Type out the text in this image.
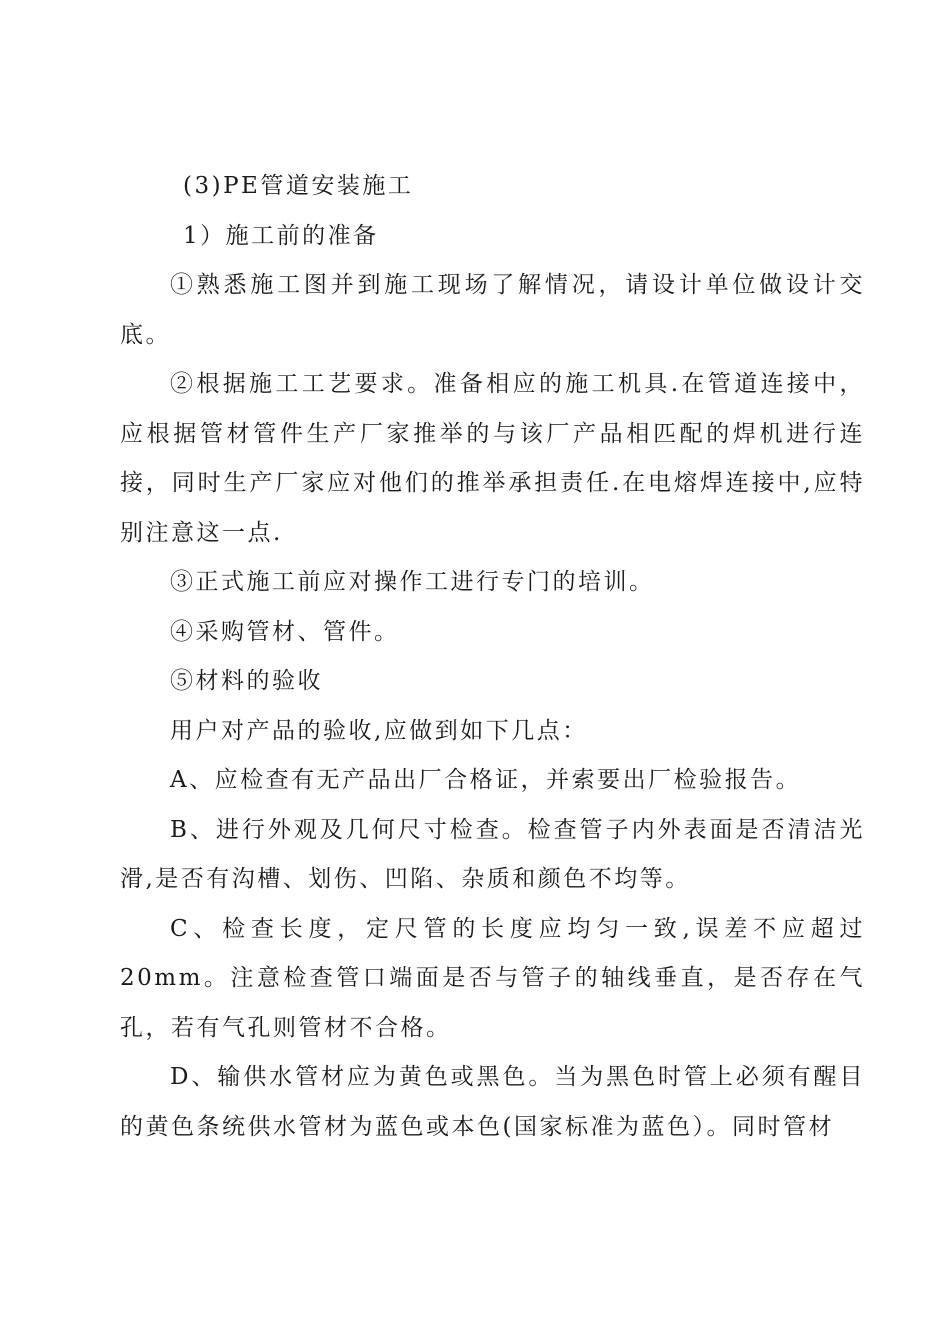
(3)PE管道安装施工

1）施工前的准备

①熟悉施工图并到施工现场了解情况，请设计单位做设计交底。

②根据施工工艺要求。准备相应的施工机具.在管道连接中，应根据管材管件生产厂家推举的与该厂产品相匹配的焊机进行连接，同时生产厂家应对他们的推举承担责任.在电熔焊连接中,应特别注意这一点.

③正式施工前应对操作工进行专门的培训。

④采购管材、管件。

⑤材料的验收

用户对产品的验收,应做到如下几点：

A、应检查有无产品出厂合格证，并索要出厂检验报告。

B、进行外观及几何尺寸检查。检查管子内外表面是否清洁光滑,是否有沟槽、划伤、凹陷、杂质和颜色不均等。

C、检查长度，定尺管的长度应均匀一致,误差不应超过20mm。注意检查管口端面是否与管子的轴线垂直，是否存在气孔，若有气孔则管材不合格。

D、输供水管材应为黄色或黑色。当为黑色时管上必须有醒目的黄色条统供水管材为蓝色或本色(国家标准为蓝色）。同时管材
